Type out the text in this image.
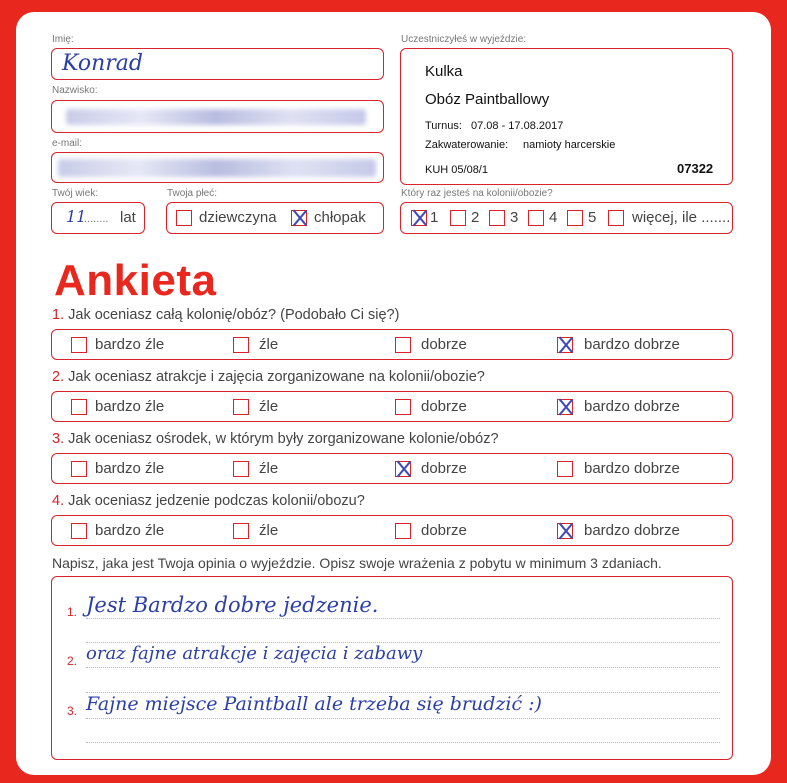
Imię:
Konrad
Nazwisko:
e-mail:
Twój wiek:
11
........ lat
Twoja płeć:
dziewczyna chłopak
Uczestniczyłeś w wyjeździe:
Kulka
Obóz Paintballowy
Turnus: 07.08 - 17.08.2017
Zakwaterowanie: namioty harcerskie
KUH 05/08/1	07322
Który raz jesteś na kolonii/obozie?
1 2 3 4 5 więcej, ile .......
Ankieta
1. Jak oceniasz całą kolonię/obóz? (Podobało Ci się?)
bardzo źle	źle	dobrze	bardzo dobrze
2. Jak oceniasz atrakcje i zajęcia zorganizowane na kolonii/obozie?
bardzo źle	źle	dobrze	bardzo dobrze
3. Jak oceniasz ośrodek, w którym były zorganizowane kolonie/obóz?
bardzo źle	źle	dobrze	bardzo dobrze
4. Jak oceniasz jedzenie podczas kolonii/obozu?
bardzo źle	źle	dobrze	bardzo dobrze
Napisz, jaka jest Twoja opinia o wyjeździe. Opisz swoje wrażenia z pobytu w minimum 3 zdaniach.
1. Jest Bardzo dobre jedzenie.
2. oraz fajne atrakcje i zajęcia i zabawy
3. Fajne miejsce Paintball ale trzeba się brudzić :)
